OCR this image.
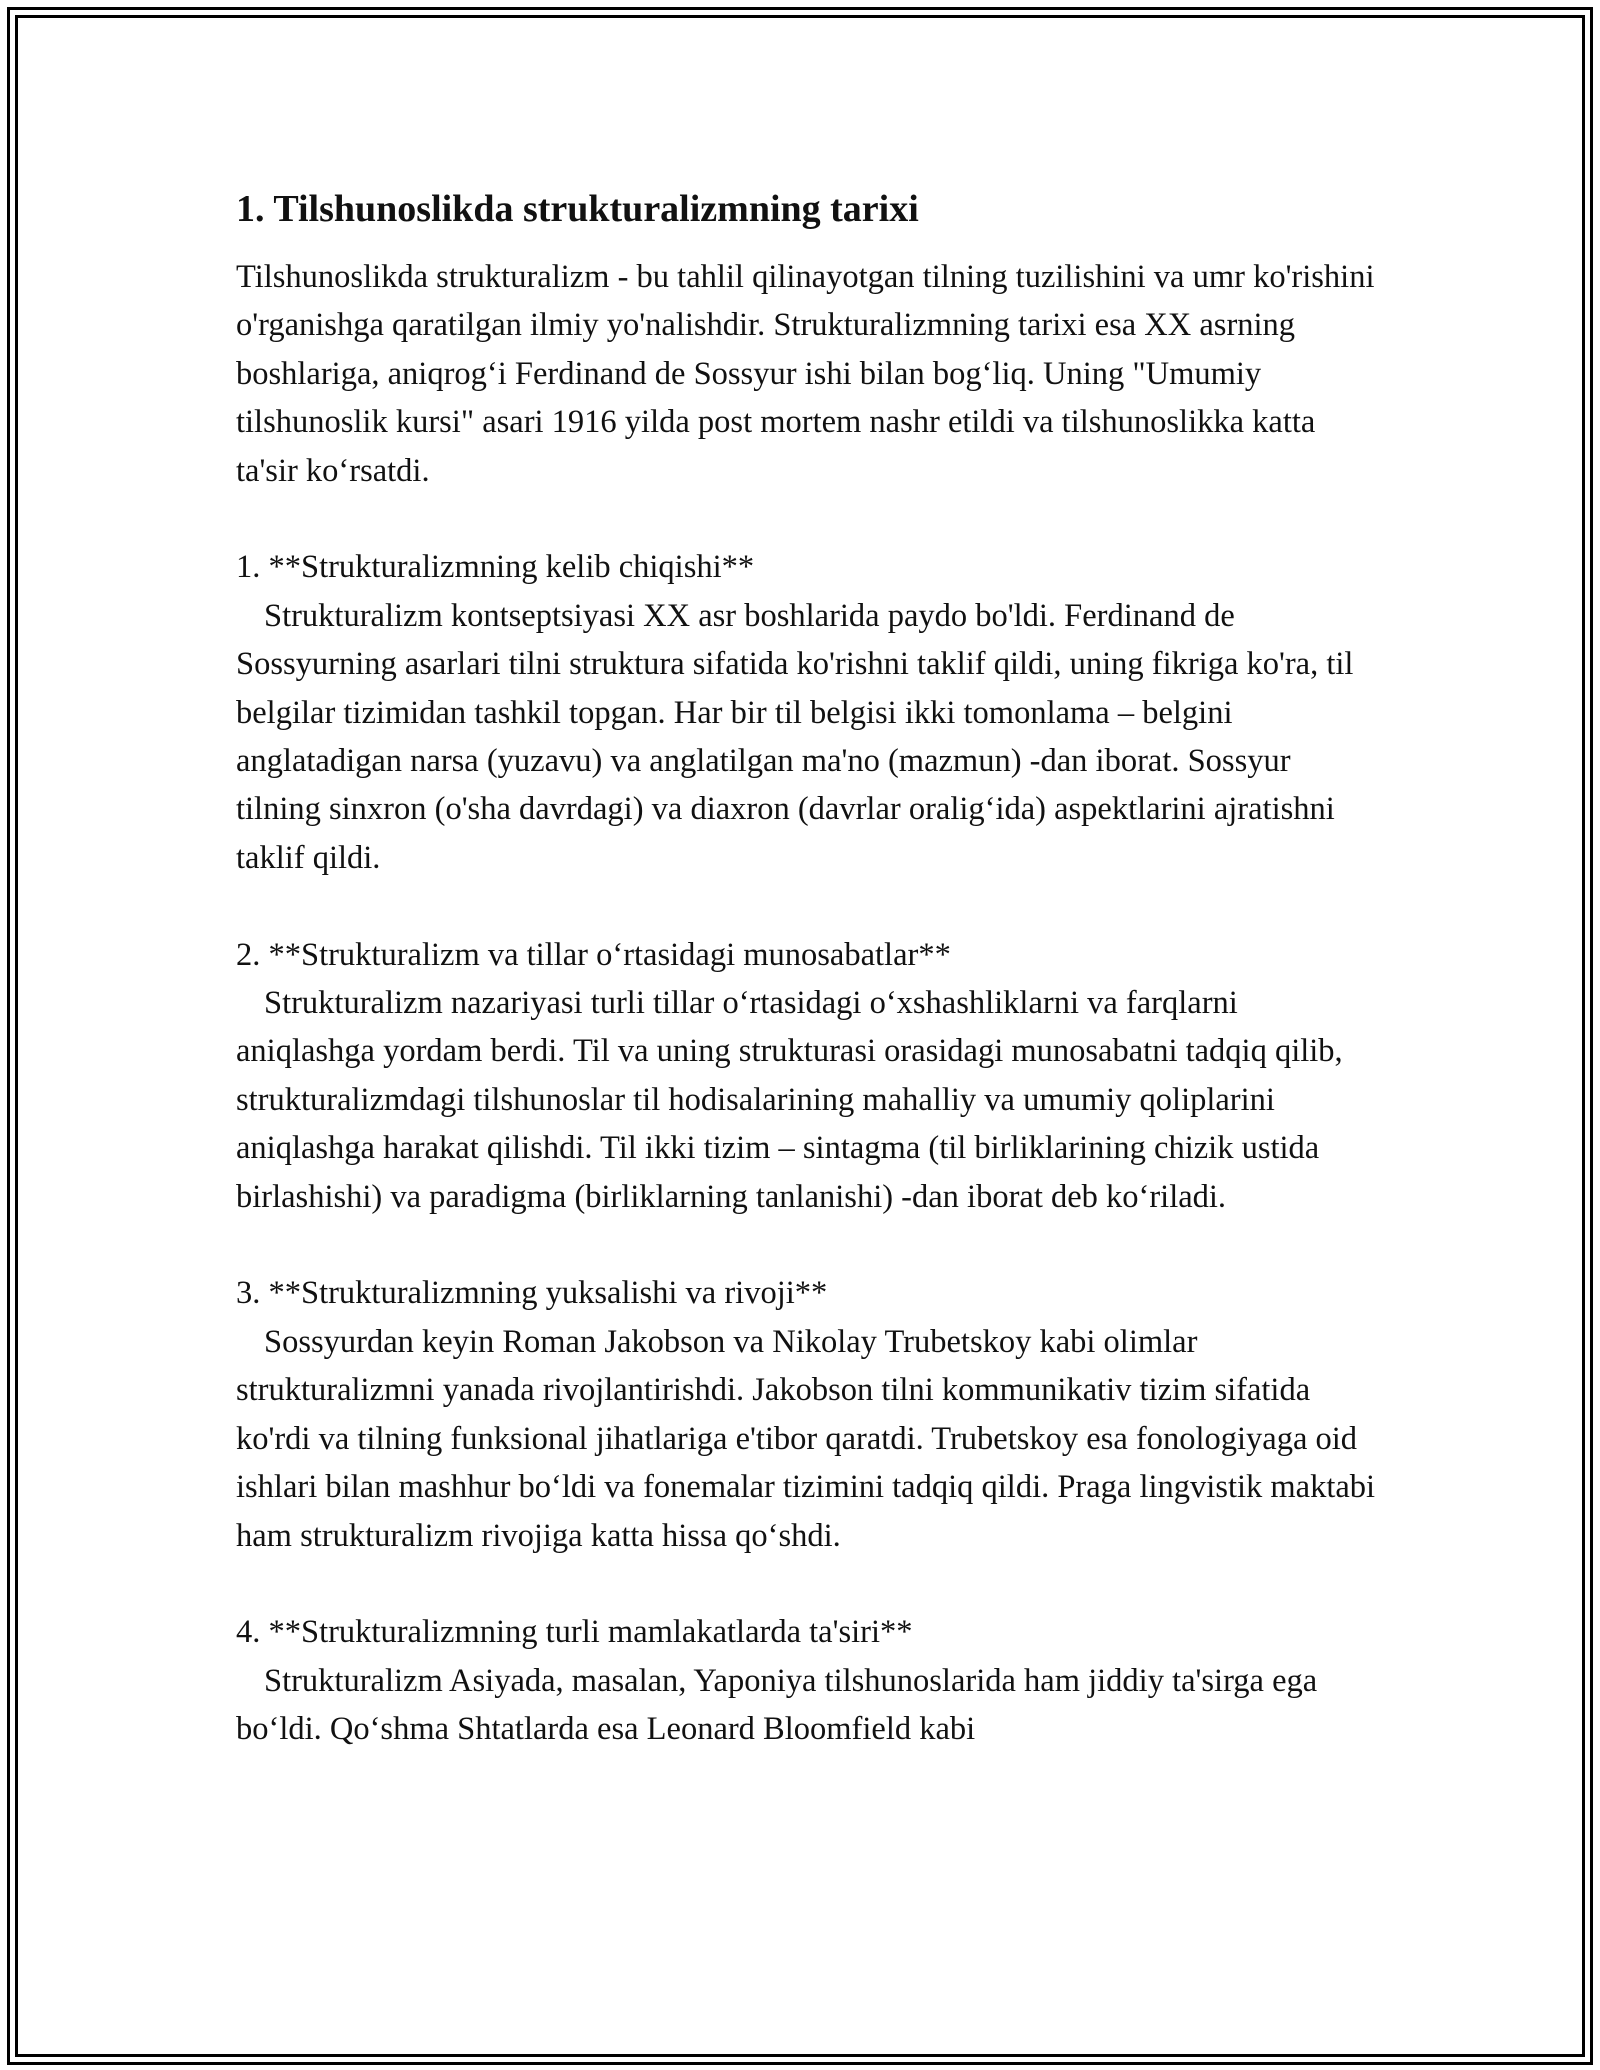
1. Tilshunoslikda strukturalizmning tarixi

Tilshunoslikda strukturalizm - bu tahlil qilinayotgan tilning tuzilishini va umr ko'rishini o'rganishga qaratilgan ilmiy yo'nalishdir. Strukturalizmning tarixi esa XX asrning boshlariga, aniqrog‘i Ferdinand de Sossyur ishi bilan bog‘liq. Uning "Umumiy tilshunoslik kursi" asari 1916 yilda post mortem nashr etildi va tilshunoslikka katta ta'sir ko‘rsatdi.

1. **Strukturalizmning kelib chiqishi**

Strukturalizm kontseptsiyasi XX asr boshlarida paydo bo'ldi. Ferdinand de Sossyurning asarlari tilni struktura sifatida ko'rishni taklif qildi, uning fikriga ko'ra, til belgilar tizimidan tashkil topgan. Har bir til belgisi ikki tomonlama – belgini anglatadigan narsa (yuzavu) va anglatilgan ma'no (mazmun) -dan iborat. Sossyur tilning sinxron (o'sha davrdagi) va diaxron (davrlar oralig‘ida) aspektlarini ajratishni taklif qildi.

2. **Strukturalizm va tillar o‘rtasidagi munosabatlar**

Strukturalizm nazariyasi turli tillar o‘rtasidagi o‘xshashliklarni va farqlarni aniqlashga yordam berdi. Til va uning strukturasi orasidagi munosabatni tadqiq qilib, strukturalizmdagi tilshunoslar til hodisalarining mahalliy va umumiy qoliplarini aniqlashga harakat qilishdi. Til ikki tizim – sintagma (til birliklarining chizik ustida birlashishi) va paradigma (birliklarning tanlanishi) -dan iborat deb ko‘riladi.

3. **Strukturalizmning yuksalishi va rivoji**

Sossyurdan keyin Roman Jakobson va Nikolay Trubetskoy kabi olimlar strukturalizmni yanada rivojlantirishdi. Jakobson tilni kommunikativ tizim sifatida ko'rdi va tilning funksional jihatlariga e'tibor qaratdi. Trubetskoy esa fonologiyaga oid ishlari bilan mashhur bo‘ldi va fonemalar tizimini tadqiq qildi. Praga lingvistik maktabi ham strukturalizm rivojiga katta hissa qo‘shdi.

4. **Strukturalizmning turli mamlakatlarda ta'siri**

Strukturalizm Asiyada, masalan, Yaponiya tilshunoslarida ham jiddiy ta'sirga ega bo‘ldi. Qo‘shma Shtatlarda esa Leonard Bloomfield kabi
